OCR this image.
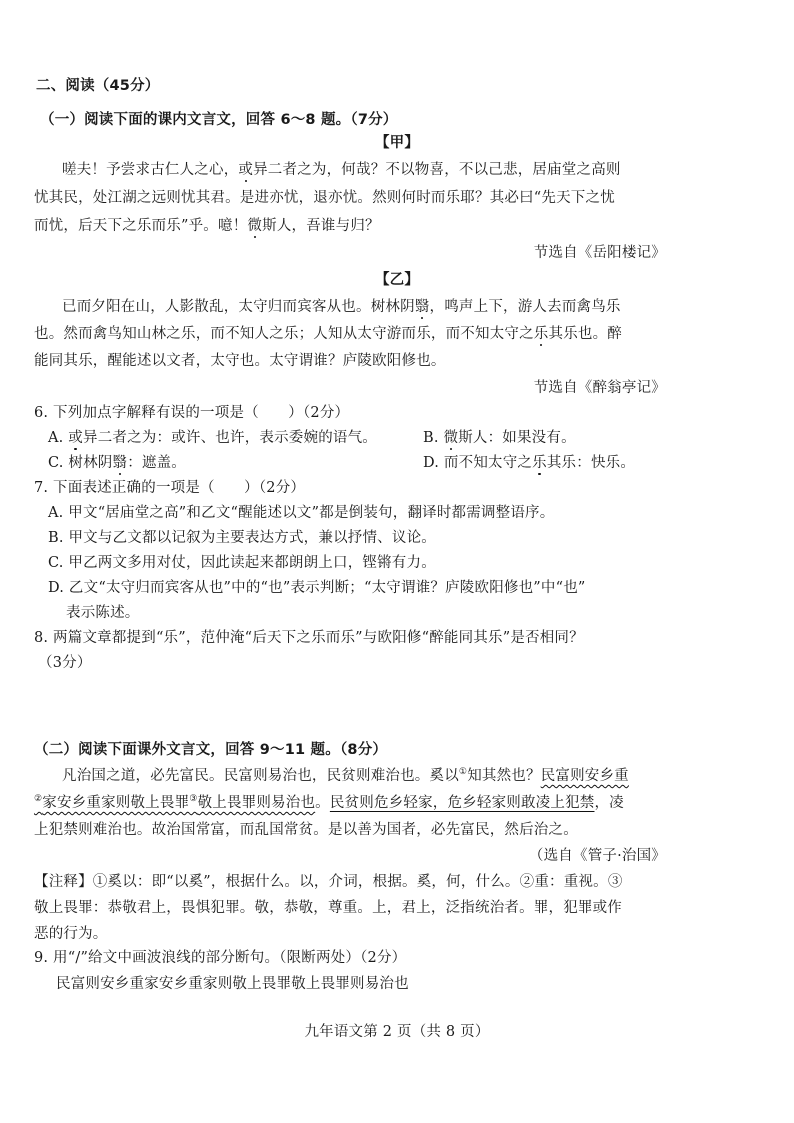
二、阅读（45分）
（一）阅读下面的课内文言文，回答 6～8 题。（7分）
【甲】
嗟夫！予尝求古仁人之心，或异二者之为，何哉？不以物喜，不以己悲，居庙堂之高则
忧其民，处江湖之远则忧其君。是进亦忧，退亦忧。然则何时而乐耶？其必曰“先天下之忧
而忧，后天下之乐而乐”乎。噫！微斯人，吾谁与归？
节选自《岳阳楼记》
【乙】
已而夕阳在山，人影散乱，太守归而宾客从也。树林阴翳，鸣声上下，游人去而禽鸟乐
也。然而禽鸟知山林之乐，而不知人之乐；人知从太守游而乐，而不知太守之乐其乐也。醉
能同其乐，醒能述以文者，太守也。太守谓谁？庐陵欧阳修也。
节选自《醉翁亭记》
6. 下列加点字解释有误的一项是（　　）（2分）
A. 或异二者之为：或许、也许，表示委婉的语气。	B. 微斯人：如果没有。
C. 树林阴翳：遮盖。	D. 而不知太守之乐其乐：快乐。
7. 下面表述正确的一项是（　　）（2分）
A. 甲文“居庙堂之高”和乙文“醒能述以文”都是倒装句，翻译时都需调整语序。
B. 甲文与乙文都以记叙为主要表达方式，兼以抒情、议论。
C. 甲乙两文多用对仗，因此读起来都朗朗上口，铿锵有力。
D. 乙文“太守归而宾客从也”中的“也”表示判断；“太守谓谁？庐陵欧阳修也”中“也”
表示陈述。
8. 两篇文章都提到“乐”，范仲淹“后天下之乐而乐”与欧阳修“醉能同其乐”是否相同？
（3分）
（二）阅读下面课外文言文，回答 9～11 题。（8分）
凡治国之道，必先富民。民富则易治也，民贫则难治也。奚以①知其然也？民富则安乡重
②家安乡重家则敬上畏罪③敬上畏罪则易治也。民贫则危乡轻家，危乡轻家则敢凌上犯禁，凌
上犯禁则难治也。故治国常富，而乱国常贫。是以善为国者，必先富民，然后治之。
（选自《管子·治国》
【注释】①奚以：即“以奚”，根据什么。以，介词，根据。奚，何，什么。②重：重视。③
敬上畏罪：恭敬君上，畏惧犯罪。敬，恭敬，尊重。上，君上，泛指统治者。罪，犯罪或作
恶的行为。
9. 用“/”给文中画波浪线的部分断句。（限断两处）（2分）
民富则安乡重家安乡重家则敬上畏罪敬上畏罪则易治也
九年语文第 2 页（共 8 页）
